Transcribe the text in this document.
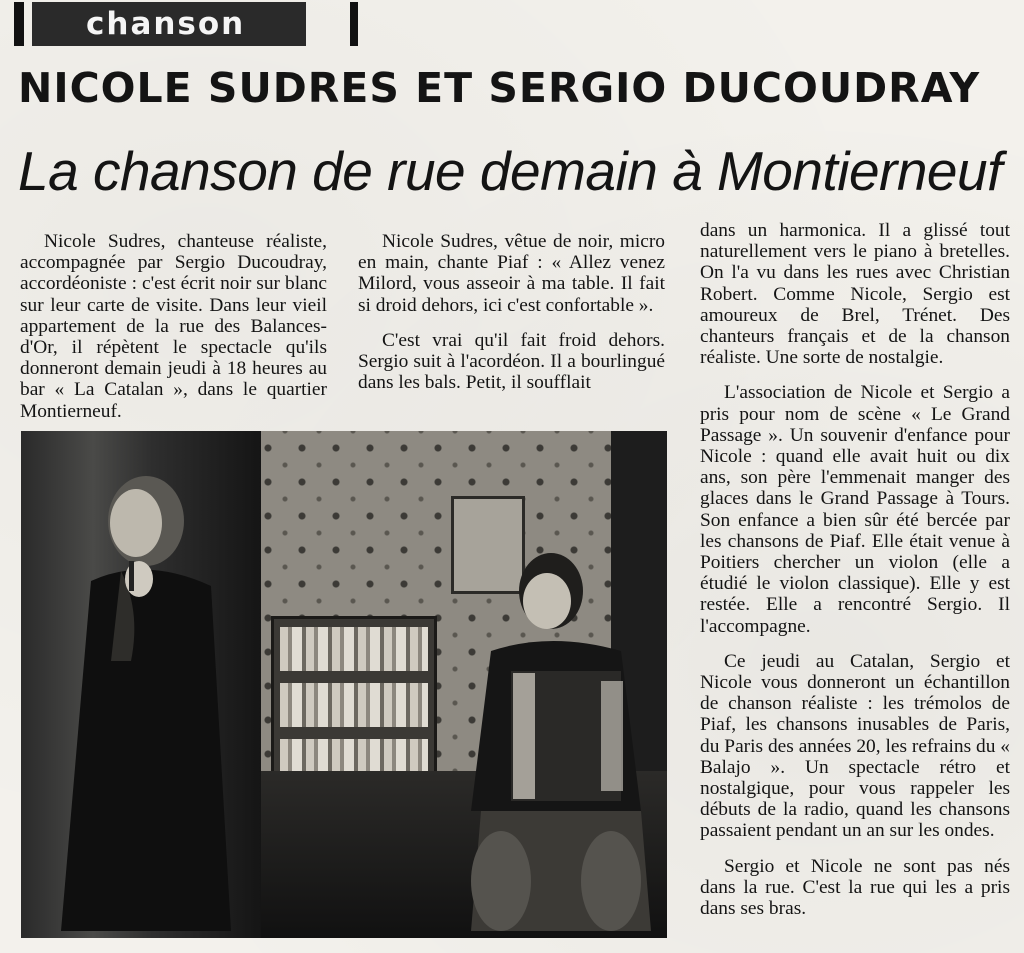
chanson
NICOLE SUDRES ET SERGIO DUCOUDRAY
La chanson de rue demain à Montierneuf

Nicole Sudres, chanteuse réaliste, accompagnée par Sergio Ducoudray, accordéoniste : c'est écrit noir sur blanc sur leur carte de visite. Dans leur vieil appartement de la rue des Balances-d'Or, il répètent le spectacle qu'ils donneront demain jeudi à 18 heures au bar « La Catalan », dans le quartier Montierneuf.

Nicole Sudres, vêtue de noir, micro en main, chante Piaf : « Allez venez Milord, vous asseoir à ma table. Il fait si droid dehors, ici c'est confortable ».

C'est vrai qu'il fait froid dehors. Sergio suit à l'acordéon. Il a bourlingué dans les bals. Petit, il soufflait

dans un harmonica. Il a glissé tout naturellement vers le piano à bretelles. On l'a vu dans les rues avec Christian Robert. Comme Nicole, Sergio est amoureux de Brel, Trénet. Des chanteurs français et de la chanson réaliste. Une sorte de nostalgie.

L'association de Nicole et Sergio a pris pour nom de scène « Le Grand Passage ». Un souvenir d'enfance pour Nicole : quand elle avait huit ou dix ans, son père l'emmenait manger des glaces dans le Grand Passage à Tours. Son enfance a bien sûr été bercée par les chansons de Piaf. Elle était venue à Poitiers chercher un violon (elle a étudié le violon classique). Elle y est restée. Elle a rencontré Sergio. Il l'accompagne.

Ce jeudi au Catalan, Sergio et Nicole vous donneront un échantillon de chanson réaliste : les trémolos de Piaf, les chansons inusables de Paris, du Paris des années 20, les refrains du « Balajo ». Un spectacle rétro et nostalgique, pour vous rappeler les débuts de la radio, quand les chansons passaient pendant un an sur les ondes.

Sergio et Nicole ne sont pas nés dans la rue. C'est la rue qui les a pris dans ses bras.
